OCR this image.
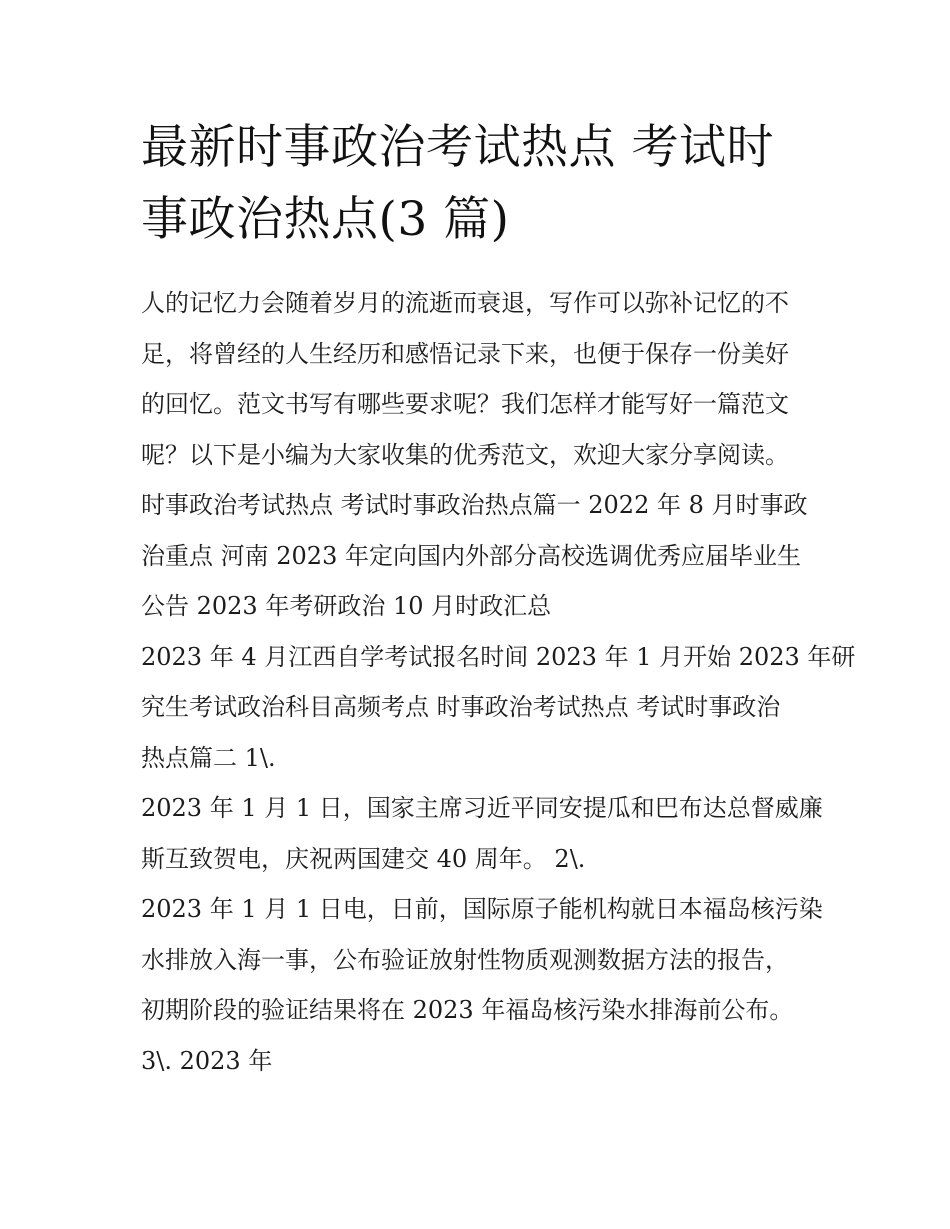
最新时事政治考试热点 考试时
事政治热点(3 篇)

人的记忆力会随着岁月的流逝而衰退，写作可以弥补记忆的不
足，将曾经的人生经历和感悟记录下来，也便于保存一份美好
的回忆。范文书写有哪些要求呢？我们怎样才能写好一篇范文
呢？以下是小编为大家收集的优秀范文，欢迎大家分享阅读。

时事政治考试热点 考试时事政治热点篇一 2022 年 8 月时事政
治重点 河南 2023 年定向国内外部分高校选调优秀应届毕业生
公告 2023 年考研政治 10 月时政汇总

2023 年 4 月江西自学考试报名时间 2023 年 1 月开始 2023 年研
究生考试政治科目高频考点 时事政治考试热点 考试时事政治
热点篇二 1\.

2023 年 1 月 1 日，国家主席习近平同安提瓜和巴布达总督威廉
斯互致贺电，庆祝两国建交 40 周年。 2\.

2023 年 1 月 1 日电，日前，国际原子能机构就日本福岛核污染
水排放入海一事，公布验证放射性物质观测数据方法的报告，
初期阶段的验证结果将在 2023 年福岛核污染水排海前公布。

3\. 2023 年
